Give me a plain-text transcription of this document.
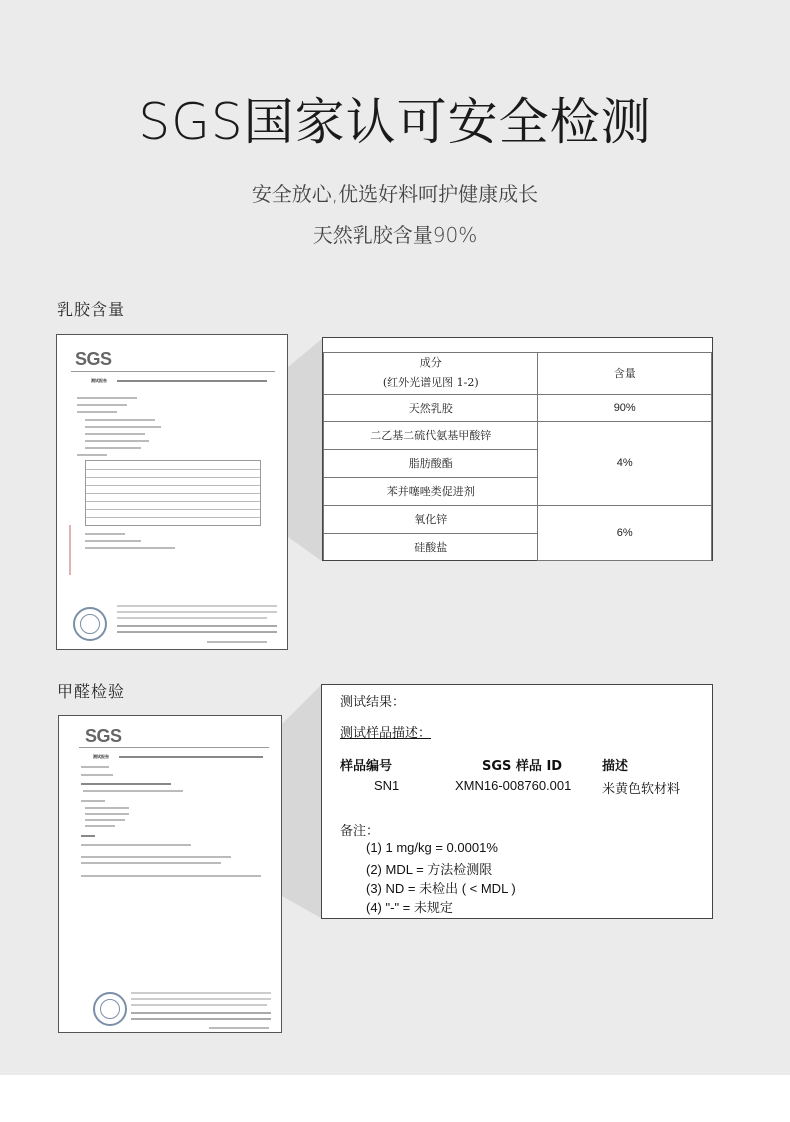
SGS国家认可安全检测
安全放心,优选好料呵护健康成长
天然乳胶含量90%
乳胶含量
SGS
测试报告

成分
(红外光谱见图 1-2)	含量
天然乳胶	90%
二乙基二硫代氨基甲酸锌	4%
脂肪酸酯	
苯并噻唑类促进剂	
氧化锌	6%
硅酸盐	
甲醛检验
SGS
测试报告
测试结果：
测试样品描述：
样品编号	SGS 样品 ID	描述
SN1	XMN16-008760.001 米黄色软材料
备注：
(1) 1 mg/kg = 0.0001%
(2) MDL = 方法检测限
(3) ND = 未检出 ( < MDL )
(4) "-" = 未规定
